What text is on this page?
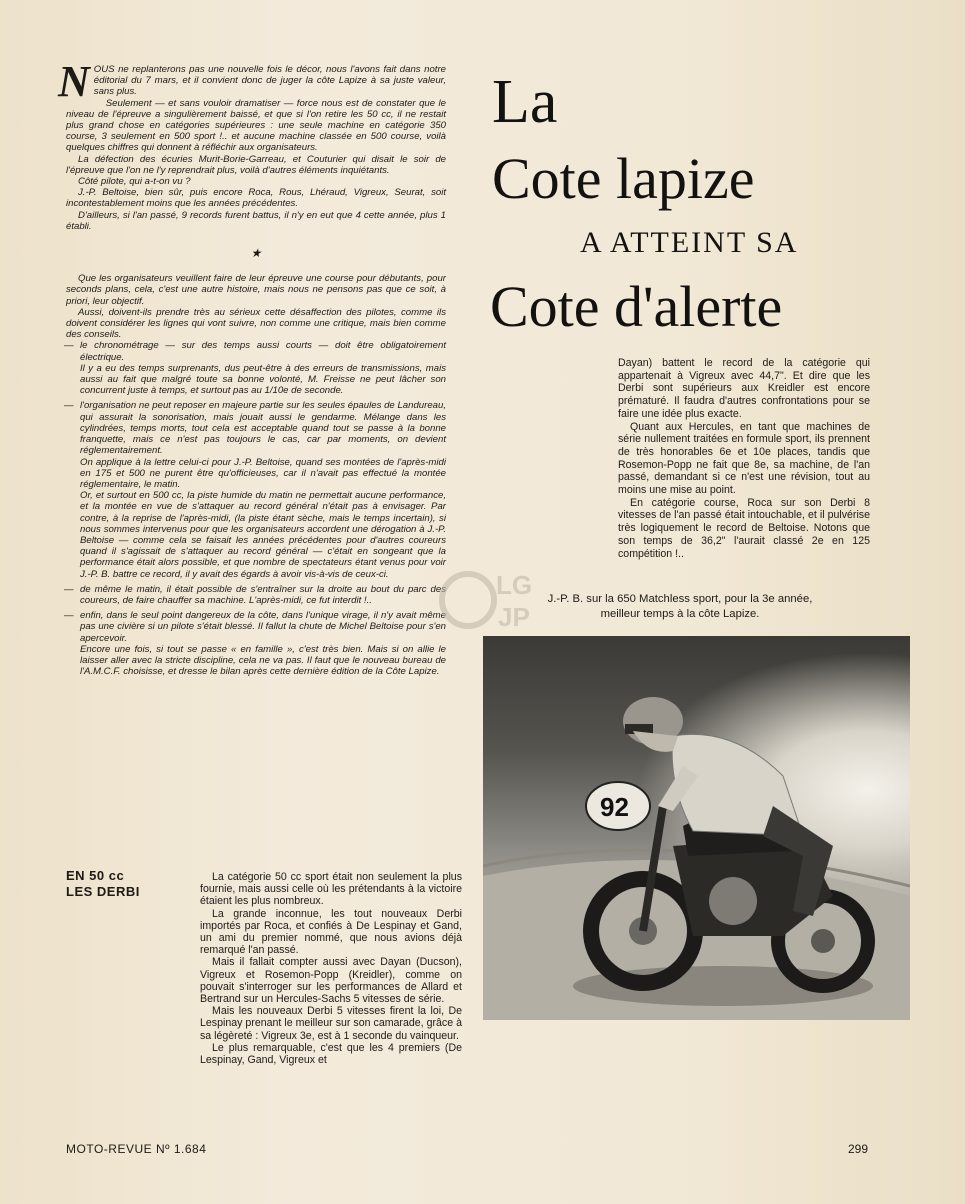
NOUS ne replanterons pas une nouvelle fois le décor, nous l'avons fait dans notre éditorial du 7 mars, et il convient donc de juger la côte Lapize à sa juste valeur, sans plus.

Seulement — et sans vouloir dramatiser — force nous est de constater que le niveau de l'épreuve a singulièrement baissé, et que si l'on retire les 50 cc, il ne restait plus grand chose en catégories supérieures : une seule machine en catégorie 350 course, 3 seulement en 500 sport !.. et aucune machine classée en 500 course, voilà quelques chiffres qui donnent à réfléchir aux organisateurs.

La défection des écuries Murit-Borie-Garreau, et Couturier qui disait le soir de l'épreuve que l'on ne l'y reprendrait plus, voilà d'autres éléments inquiétants.

Côté pilote, qui a-t-on vu ?

J.-P. Beltoise, bien sûr, puis encore Roca, Rous, Lhéraud, Vigreux, Seurat, soit incontestablement moins que les années précédentes.

D'ailleurs, si l'an passé, 9 records furent battus, il n'y en eut que 4 cette année, plus 1 établi.

★

Que les organisateurs veuillent faire de leur épreuve une course pour débutants, pour seconds plans, cela, c'est une autre histoire, mais nous ne pensons pas que ce soit, à priori, leur objectif.

Aussi, doivent-ils prendre très au sérieux cette désaffection des pilotes, comme ils doivent considérer les lignes qui vont suivre, non comme une critique, mais bien comme des conseils.

— le chronométrage — sur des temps aussi courts — doit être obligatoirement électrique.

Il y a eu des temps surprenants, dus peut-être à des erreurs de transmissions, mais aussi au fait que malgré toute sa bonne volonté, M. Freisse ne peut lâcher son concurrent juste à temps, et surtout pas au 1/10e de seconde.

— l'organisation ne peut reposer en majeure partie sur les seules épaules de Landureau, qui assurait la sonorisation, mais jouait aussi le gendarme. Mélange dans les cylindrées, temps morts, tout cela est acceptable quand tout se passe à la bonne franquette, mais ce n'est pas toujours le cas, car par moments, on devient réglementairement.

On applique à la lettre celui-ci pour J.-P. Beltoise, quand ses montées de l'après-midi en 175 et 500 ne purent être qu'officieuses, car il n'avait pas effectué la montée réglementaire, le matin.

Or, et surtout en 500 cc, la piste humide du matin ne permettait aucune performance, et la montée en vue de s'attaquer au record général n'était pas à envisager. Par contre, à la reprise de l'après-midi, (la piste étant sèche, mais le temps incertain), si nous sommes intervenus pour que les organisateurs accordent une dérogation à J.-P. Beltoise — comme cela se faisait les années précédentes pour d'autres coureurs quand il s'agissait de s'attaquer au record général — c'était en songeant que la performance était alors possible, et que nombre de spectateurs étant venus pour voir J.-P. B. battre ce record, il y avait des égards à avoir vis-à-vis de ceux-ci.

— de même le matin, il était possible de s'entraîner sur la droite au bout du parc des coureurs, de faire chauffer sa machine. L'après-midi, ce fut interdit !..

— enfin, dans le seul point dangereux de la côte, dans l'unique virage, il n'y avait même pas une civière si un pilote s'était blessé. Il fallut la chute de Michel Beltoise pour s'en apercevoir.

Encore une fois, si tout se passe « en famille », c'est très bien. Mais si on allie le laisser aller avec la stricte discipline, cela ne va pas. Il faut que le nouveau bureau de l'A.M.C.F. choisisse, et dresse le bilan après cette dernière édition de la Côte Lapize.

La
Cote lapize
A ATTEINT SA
Cote d'alerte

Dayan) battent le record de la catégorie qui appartenait à Vigreux avec 44,7". Et dire que les Derbi sont supérieurs aux Kreidler est encore prématuré. Il faudra d'autres confrontations pour se faire une idée plus exacte.

Quant aux Hercules, en tant que machines de série nullement traitées en formule sport, ils prennent de très honorables 6e et 10e places, tandis que Rosemon-Popp ne fait que 8e, sa machine, de l'an passé, demandant si ce n'est une révision, tout au moins une mise au point.

En catégorie course, Roca sur son Derbi 8 vitesses de l'an passé était intouchable, et il pulvérise très logiquement le record de Beltoise. Notons que son temps de 36,2" l'aurait classé 2e en 125 compétition !..

LG
JP
J.-P. B. sur la 650 Matchless sport, pour la 3e année, meilleur temps à la côte Lapize.
92
EN 50 cc
LES DERBI

La catégorie 50 cc sport était non seulement la plus fournie, mais aussi celle où les prétendants à la victoire étaient les plus nombreux.

La grande inconnue, les tout nouveaux Derbi importés par Roca, et confiés à De Lespinay et Gand, un ami du premier nommé, que nous avions déjà remarqué l'an passé.

Mais il fallait compter aussi avec Dayan (Ducson), Vigreux et Rosemon-Popp (Kreidler), comme on pouvait s'interroger sur les performances de Allard et Bertrand sur un Hercules-Sachs 5 vitesses de série.

Mais les nouveaux Derbi 5 vitesses firent la loi, De Lespinay prenant le meilleur sur son camarade, grâce à sa légèreté : Vigreux 3e, est à 1 seconde du vainqueur.

Le plus remarquable, c'est que les 4 premiers (De Lespinay, Gand, Vigreux et

MOTO-REVUE Nº 1.684	299
